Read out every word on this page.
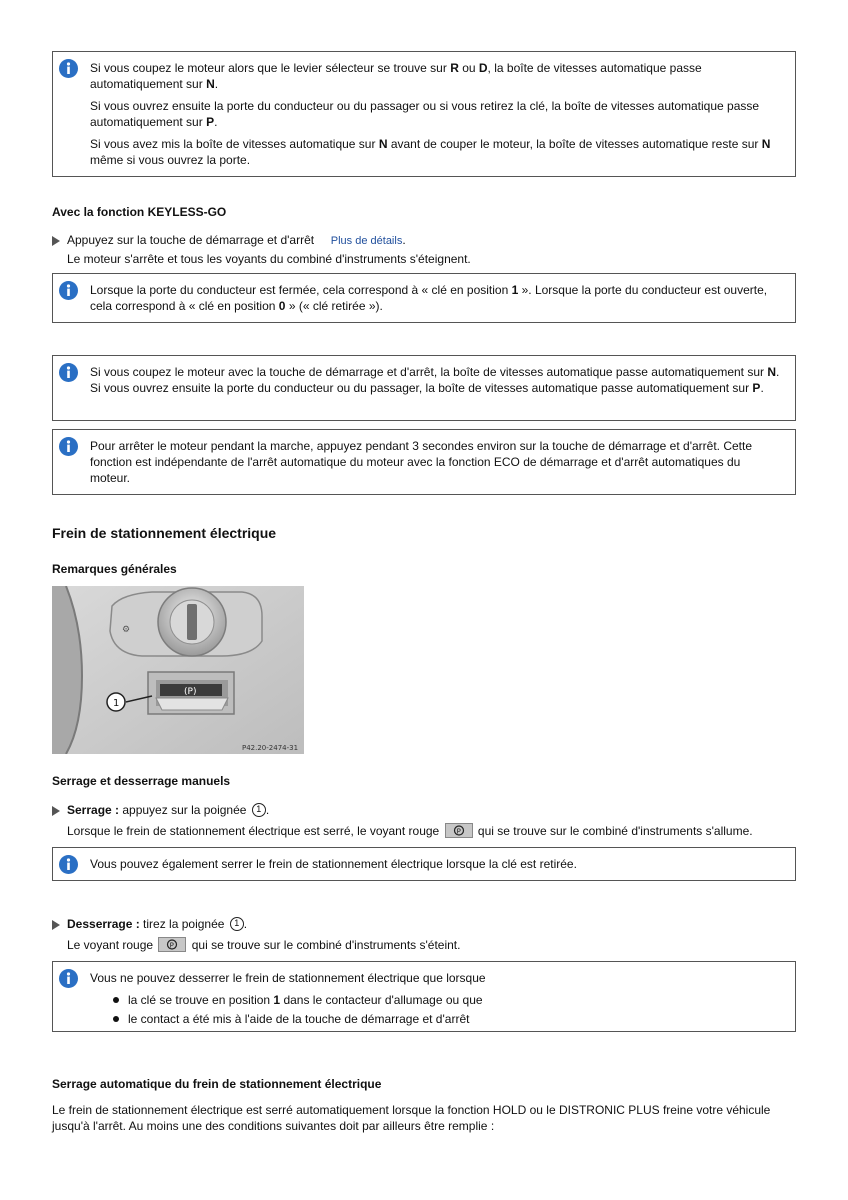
Si vous coupez le moteur alors que le levier sélecteur se trouve sur R ou D, la boîte de vitesses automatique passe automatiquement sur N.

Si vous ouvrez ensuite la porte du conducteur ou du passager ou si vous retirez la clé, la boîte de vitesses automatique passe automatiquement sur P.

Si vous avez mis la boîte de vitesses automatique sur N avant de couper le moteur, la boîte de vitesses automatique reste sur N même si vous ouvrez la porte.

Avec la fonction KEYLESS-GO
Appuyez sur la touche de démarrage et d'arrêt Plus de détails.
Le moteur s'arrête et tous les voyants du combiné d'instruments s'éteignent.

Lorsque la porte du conducteur est fermée, cela correspond à « clé en position 1 ». Lorsque la porte du conducteur est ouverte, cela correspond à « clé en position 0 » (« clé retirée »).

Si vous coupez le moteur avec la touche de démarrage et d'arrêt, la boîte de vitesses automatique passe automatiquement sur N. Si vous ouvrez ensuite la porte du conducteur ou du passager, la boîte de vitesses automatique passe automatiquement sur P.

Pour arrêter le moteur pendant la marche, appuyez pendant 3 secondes environ sur la touche de démarrage et d'arrêt. Cette fonction est indépendante de l'arrêt automatique du moteur avec la fonction ECO de démarrage et d'arrêt automatiques du moteur.

Frein de stationnement électrique
Remarques générales
⚙
(P)
1
P42.20-2474-31
Serrage et desserrage manuels
Serrage : appuyez sur la poignée 1 .
Lorsque le frein de stationnement électrique est serré, le voyant rouge P qui se trouve sur le combiné d'instruments s'allume.

Vous pouvez également serrer le frein de stationnement électrique lorsque la clé est retirée.

Desserrage : tirez la poignée 1 .
Le voyant rouge P qui se trouve sur le combiné d'instruments s'éteint.

Vous ne pouvez desserrer le frein de stationnement électrique que lorsque

la clé se trouve en position 1 dans le contacteur d'allumage ou que
le contact a été mis à l'aide de la touche de démarrage et d'arrêt
Serrage automatique du frein de stationnement électrique
Le frein de stationnement électrique est serré automatiquement lorsque la fonction HOLD ou le DISTRONIC PLUS freine votre véhicule jusqu'à l'arrêt. Au moins une des conditions suivantes doit par ailleurs être remplie :
